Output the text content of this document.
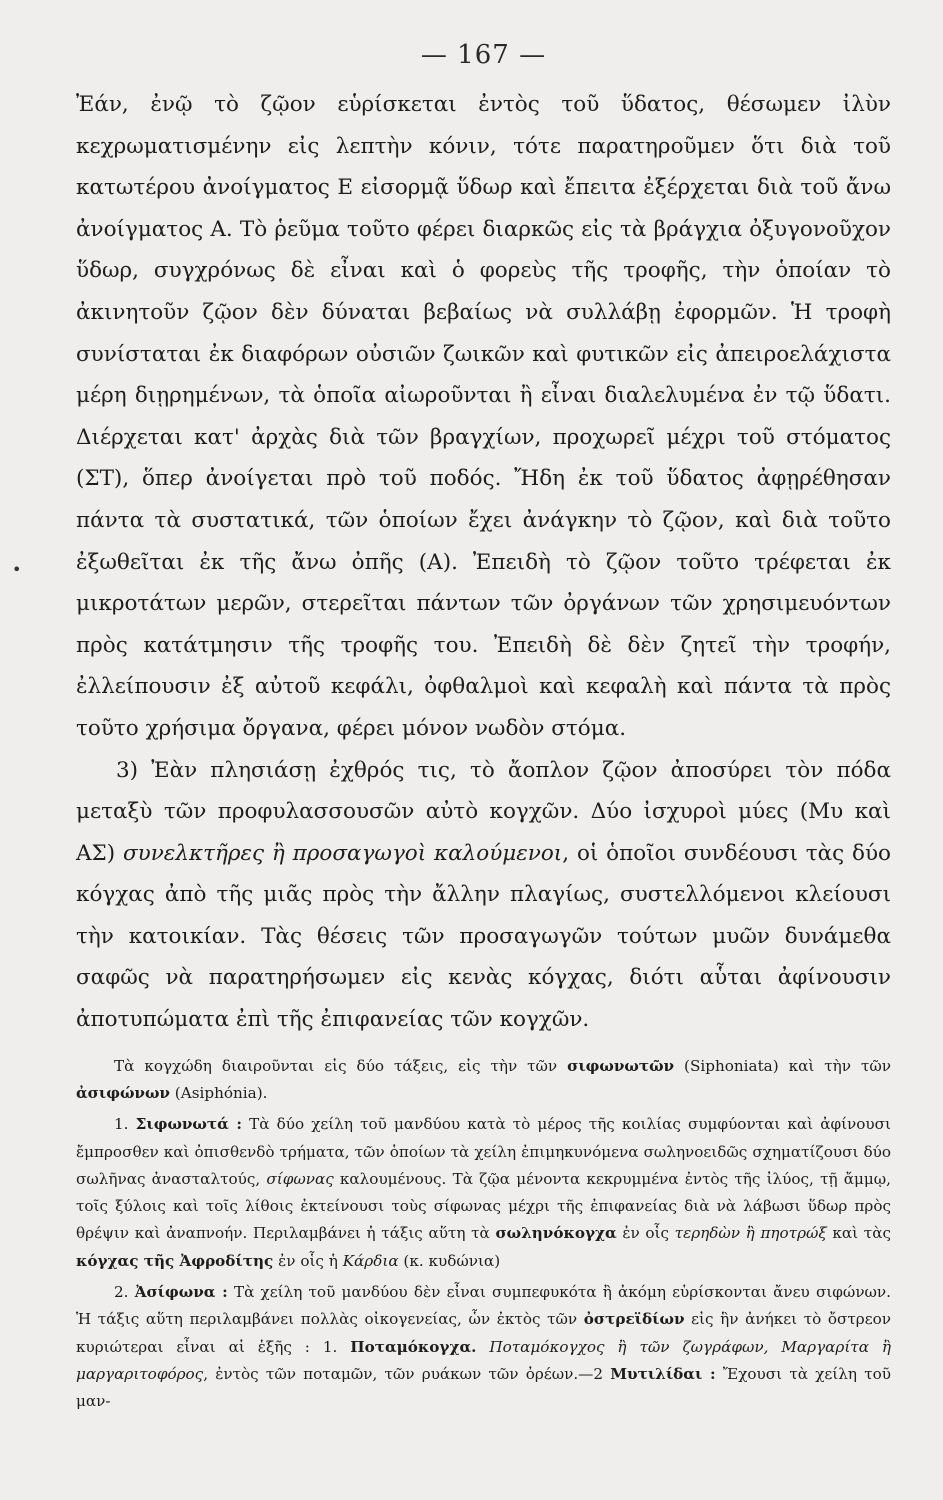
•
— 167 —

Ἐάν, ἐνῷ τὸ ζῷον εὑρίσκεται ἐντὸς τοῦ ὕδατος, θέσωμεν ἰλὺν κεχρωματισμένην εἰς λεπτὴν κόνιν, τότε παρατηροῦμεν ὅτι διὰ τοῦ κατωτέρου ἀνοίγματος Ε εἰσορμᾷ ὕδωρ καὶ ἔπειτα ἐξέρχεται διὰ τοῦ ἄνω ἀνοίγματος Α. Τὸ ῥεῦμα τοῦτο φέρει διαρκῶς εἰς τὰ βράγχια ὀξυγονοῦχον ὕδωρ, συγχρόνως δὲ εἶναι καὶ ὁ φορεὺς τῆς τροφῆς, τὴν ὁποίαν τὸ ἀκινητοῦν ζῷον δὲν δύναται βεβαίως νὰ συλλάβῃ ἐφορμῶν. Ἡ τροφὴ συνίσταται ἐκ διαφόρων οὐσιῶν ζωικῶν καὶ φυτικῶν εἰς ἀπειροελάχιστα μέρη διῃρημένων, τὰ ὁποῖα αἰωροῦνται ἢ εἶναι διαλελυμένα ἐν τῷ ὕδατι. Διέρχεται κατ' ἀρχὰς διὰ τῶν βραγχίων, προχωρεῖ μέχρι τοῦ στόματος (ΣΤ), ὅπερ ἀνοίγεται πρὸ τοῦ ποδός. Ἤδη ἐκ τοῦ ὕδατος ἀφῃρέθησαν πάντα τὰ συστατικά, τῶν ὁποίων ἔχει ἀνάγκην τὸ ζῷον, καὶ διὰ τοῦτο ἐξωθεῖται ἐκ τῆς ἄνω ὀπῆς (Α). Ἐπειδὴ τὸ ζῷον τοῦτο τρέφεται ἐκ μικροτάτων μερῶν, στερεῖται πάντων τῶν ὀργάνων τῶν χρησιμευόντων πρὸς κατάτμησιν τῆς τροφῆς του. Ἐπειδὴ δὲ δὲν ζητεῖ τὴν τροφήν, ἐλλείπουσιν ἐξ αὐτοῦ κεφάλι, ὀφθαλμοὶ καὶ κεφαλὴ καὶ πάντα τὰ πρὸς τοῦτο χρήσιμα ὄργανα, φέρει μόνον νωδὸν στόμα.

3) Ἐὰν πλησιάσῃ ἐχθρός τις, τὸ ἄοπλον ζῷον ἀποσύρει τὸν πόδα μεταξὺ τῶν προφυλασσουσῶν αὐτὸ κογχῶν. Δύο ἰσχυροὶ μύες (Μυ καὶ ΑΣ) συνελκτῆρες ἢ προσαγωγοὶ καλούμενοι, οἱ ὁποῖοι συνδέουσι τὰς δύο κόγχας ἀπὸ τῆς μιᾶς πρὸς τὴν ἄλλην πλαγίως, συστελλόμενοι κλείουσι τὴν κατοικίαν. Τὰς θέσεις τῶν προσαγωγῶν τούτων μυῶν δυνάμεθα σαφῶς νὰ παρατηρήσωμεν εἰς κενὰς κόγχας, διότι αὗται ἀφίνουσιν ἀποτυπώματα ἐπὶ τῆς ἐπιφανείας τῶν κογχῶν.

Τὰ κογχώδη διαιροῦνται εἰς δύο τάξεις, εἰς τὴν τῶν σιφωνωτῶν (Siphoniata) καὶ τὴν τῶν ἀσιφώνων (Asiphónia).

1. Σιφωνωτά : Τὰ δύο χείλη τοῦ μανδύου κατὰ τὸ μέρος τῆς κοιλίας συμφύονται καὶ ἀφίνουσι ἔμπροσθεν καὶ ὀπισθενδὸ τρήματα, τῶν ὁποίων τὰ χείλη ἐπιμηκυνόμενα σωληνοειδῶς σχηματίζουσι δύο σωλῆνας ἀνασταλτούς, σίφωνας καλουμένους. Τὰ ζῷα μένοντα κεκρυμμένα ἐντὸς τῆς ἰλύος, τῇ ἄμμῳ, τοῖς ξύλοις καὶ τοῖς λίθοις ἐκτείνουσι τοὺς σίφωνας μέχρι τῆς ἐπιφανείας διὰ νὰ λάβωσι ὕδωρ πρὸς θρέψιν καὶ ἀναπνοήν. Περιλαμβάνει ἡ τάξις αὕτη τὰ σωληνόκογχα ἐν οἷς τερηδὼν ἢ πηοτρώξ καὶ τὰς κόγχας τῆς Ἀφροδίτης ἐν οἷς ἡ Κάρδια (κ. κυδώνια)

2. Ἀσίφωνα : Τὰ χείλη τοῦ μανδύου δὲν εἶναι συμπεφυκότα ἢ ἀκόμη εὑρίσκονται ἄνευ σιφώνων. Ἡ τάξις αὕτη περιλαμβάνει πολλὰς οἰκογενείας, ὧν ἐκτὸς τῶν ὀστρεϊδίων εἰς ἣν ἀνήκει τὸ ὄστρεον κυριώτεραι εἶναι αἱ ἑξῆς : 1. Ποταμόκογχα. Ποταμόκογχος ἢ τῶν ζωγράφων, Μαργαρίτα ἢ μαργαριτοφόρος, ἐντὸς τῶν ποταμῶν, τῶν ρυάκων τῶν ὀρέων.—2 Μυτιλίδαι : Ἔχουσι τὰ χείλη τοῦ μαν-
